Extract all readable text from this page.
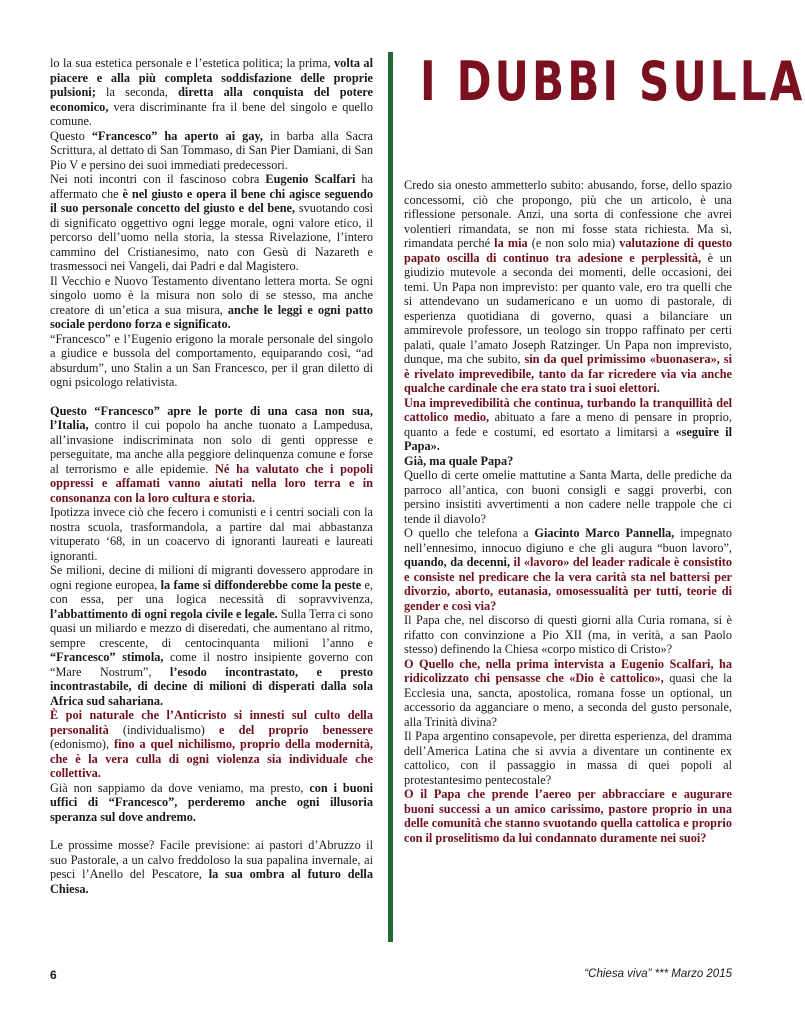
I DUBBI SULLA

lo la sua estetica personale e l’estetica politica; la prima, volta al piacere e alla più completa soddisfazione delle proprie pulsioni; la seconda, diretta alla conquista del potere economico, vera discriminante fra il bene del singolo e quello comune.

Questo “Francesco” ha aperto ai gay, in barba alla Sacra Scrittura, al dettato di San Tommaso, di San Pier Damiani, di San Pio V e persino dei suoi immediati predecessori.

Nei noti incontri con il fascinoso cobra Eugenio Scalfari ha affermato che è nel giusto e opera il bene chi agisce seguendo il suo personale concetto del giusto e del bene, svuotando così di significato oggettivo ogni legge morale, ogni valore etico, il percorso dell’uomo nella storia, la stessa Rivelazione, l’intero cammino del Cristianesimo, nato con Gesù di Nazareth e trasmessoci nei Vangeli, dai Padri e dal Magistero.

Il Vecchio e Nuovo Testamento diventano lettera morta. Se ogni singolo uomo è la misura non solo di se stesso, ma anche creatore di un’etica a sua misura, anche le leggi e ogni patto sociale perdono forza e significato.

“Francesco” e l’Eugenio erigono la morale personale del singolo a giudice e bussola del comportamento, equiparando così, “ad absurdum”, uno Stalin a un San Francesco, per il gran diletto di ogni psicologo relativista.

Questo “Francesco” apre le porte di una casa non sua, l’Italia, contro il cui popolo ha anche tuonato a Lampedusa, all’invasione indiscriminata non solo di genti oppresse e perseguitate, ma anche alla peggiore delinquenza comune e forse al terrorismo e alle epidemie. Né ha valutato che i popoli oppressi e affamati vanno aiutati nella loro terra e in consonanza con la loro cultura e storia.

Ipotizza invece ciò che fecero i comunisti e i centri sociali con la nostra scuola, trasformandola, a partire dal mai abbastanza vituperato ‘68, in un coacervo di ignoranti laureati e laureati ignoranti.

Se milioni, decine di milioni di migranti dovessero approdare in ogni regione europea, la fame si diffonderebbe come la peste e, con essa, per una logica necessità di sopravvivenza, l’abbattimento di ogni regola civile e legale. Sulla Terra ci sono quasi un miliardo e mezzo di diseredati, che aumentano al ritmo, sempre crescente, di centocinquanta milioni l’anno e “Francesco” stimola, come il nostro insipiente governo con “Mare Nostrum”, l’esodo incontrastato, e presto incontrastabile, di decine di milioni di disperati dalla sola Africa sud sahariana.

È poi naturale che l’Anticristo si innesti sul culto della personalità (individualismo) e del proprio benessere (edonismo), fino a quel nichilismo, proprio della modernità, che è la vera culla di ogni violenza sia individuale che collettiva.

Già non sappiamo da dove veniamo, ma presto, con i buoni uffici di “Francesco”, perderemo anche ogni illusoria speranza sul dove andremo.

Le prossime mosse? Facile previsione: ai pastori d’Abruzzo il suo Pastorale, a un calvo freddoloso la sua papalina invernale, ai pesci l’Anello del Pescatore, la sua ombra al futuro della Chiesa.

Credo sia onesto ammetterlo subito: abusando, forse, dello spazio concessomi, ciò che propongo, più che un articolo, è una riflessione personale. Anzi, una sorta di confessione che avrei volentieri rimandata, se non mi fosse stata richiesta. Ma sì, rimandata perché la mia (e non solo mia) valutazione di questo papato oscilla di continuo tra adesione e perplessità, è un giudizio mutevole a seconda dei momenti, delle occasioni, dei temi. Un Papa non imprevisto: per quanto vale, ero tra quelli che si attendevano un sudamericano e un uomo di pastorale, di esperienza quotidiana di governo, quasi a bilanciare un ammirevole professore, un teologo sin troppo raffinato per certi palati, quale l’amato Joseph Ratzinger. Un Papa non imprevisto, dunque, ma che subito, sin da quel primissimo «buonasera», si è rivelato imprevedibile, tanto da far ricredere via via anche qualche cardinale che era stato tra i suoi elettori.

Una imprevedibilità che continua, turbando la tranquillità del cattolico medio, abituato a fare a meno di pensare in proprio, quanto a fede e costumi, ed esortato a limitarsi a «seguire il Papa».

Già, ma quale Papa?

Quello di certe omelie mattutine a Santa Marta, delle prediche da parroco all’antica, con buoni consigli e saggi proverbi, con persino insistiti avvertimenti a non cadere nelle trappole che ci tende il diavolo?

O quello che telefona a Giacinto Marco Pannella, impegnato nell’ennesimo, innocuo digiuno e che gli augura “buon lavoro”, quando, da decenni, il «lavoro» del leader radicale è consistito e consiste nel predicare che la vera carità sta nel battersi per divorzio, aborto, eutanasia, omosessualità per tutti, teorie di gender e così via?

Il Papa che, nel discorso di questi giorni alla Curia romana, si è rifatto con convinzione a Pio XII (ma, in verità, a san Paolo stesso) definendo la Chiesa «corpo mistico di Cristo»?

O Quello che, nella prima intervista a Eugenio Scalfari, ha ridicolizzato chi pensasse che «Dio è cattolico», quasi che la Ecclesia una, sancta, apostolica, romana fosse un optional, un accessorio da agganciare o meno, a seconda del gusto personale, alla Trinità divina?

Il Papa argentino consapevole, per diretta esperienza, del dramma dell’America Latina che si avvia a diventare un continente ex cattolico, con il passaggio in massa di quei popoli al protestantesimo pentecostale?

O il Papa che prende l’aereo per abbracciare e augurare buoni successi a un amico carissimo, pastore proprio in una delle comunità che stanno svuotando quella cattolica e proprio con il proselitismo da lui condannato duramente nei suoi?

6	“Chiesa viva” *** Marzo 2015
